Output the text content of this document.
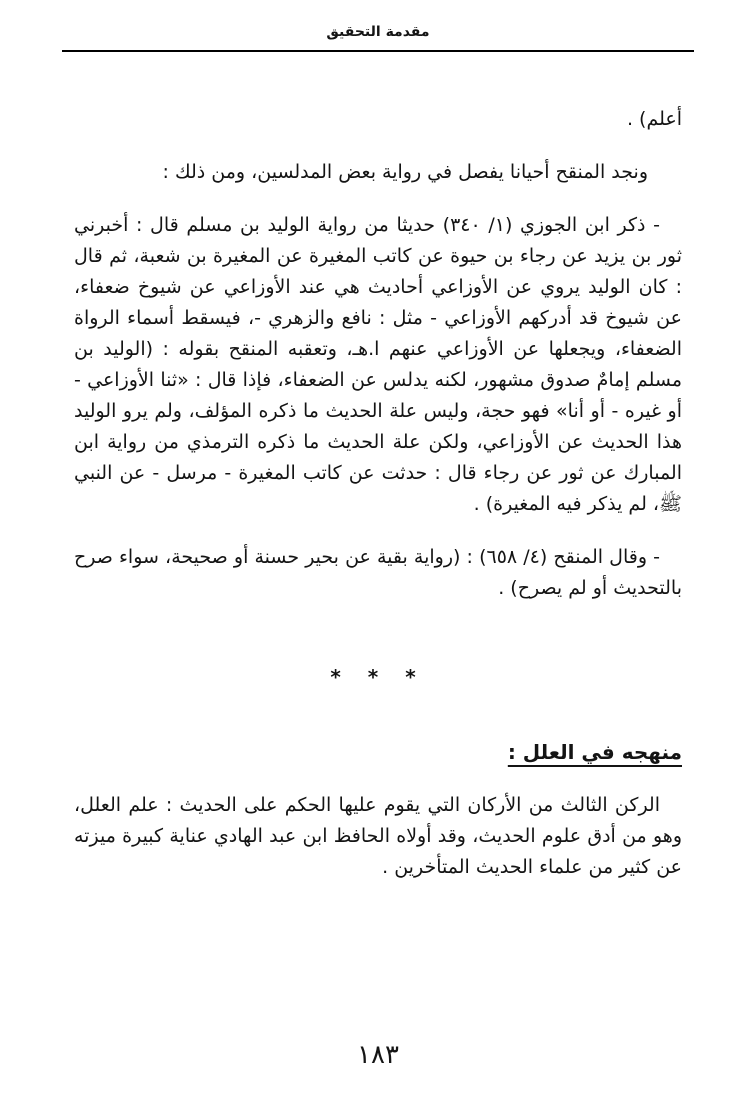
مقدمة التحقيق

أعلم) .

ونجد المنقح أحيانا يفصل في رواية بعض المدلسين، ومن ذلك :

- ذكر ابن الجوزي (١/ ٣٤٠) حديثا من رواية الوليد بن مسلم قال : أخبرني ثور بن يزيد عن رجاء بن حيوة عن كاتب المغيرة عن المغيرة بن شعبة، ثم قال : كان الوليد يروي عن الأوزاعي أحاديث هي عند الأوزاعي عن شيوخ ضعفاء، عن شيوخ قد أدركهم الأوزاعي - مثل : نافع والزهري -، فيسقط أسماء الرواة الضعفاء، ويجعلها عن الأوزاعي عنهم ا.هـ، وتعقبه المنقح بقوله : (الوليد بن مسلم إمامٌ صدوق مشهور، لكنه يدلس عن الضعفاء، فإذا قال : «ثنا الأوزاعي - أو غيره - أو أنا» فهو حجة، وليس علة الحديث ما ذكره المؤلف، ولم يرو الوليد هذا الحديث عن الأوزاعي، ولكن علة الحديث ما ذكره الترمذي من رواية ابن المبارك عن ثور عن رجاء قال : حدثت عن كاتب المغيرة - مرسل - عن النبي ﷺ، لم يذكر فيه المغيرة) .

- وقال المنقح (٤/ ٦٥٨) : (رواية بقية عن بحير حسنة أو صحيحة، سواء صرح بالتحديث أو لم يصرح) .

* * *

منهجه في العلل :

الركن الثالث من الأركان التي يقوم عليها الحكم على الحديث : علم العلل، وهو من أدق علوم الحديث، وقد أولاه الحافظ ابن عبد الهادي عناية كبيرة ميزته عن كثير من علماء الحديث المتأخرين .

١٨٣
